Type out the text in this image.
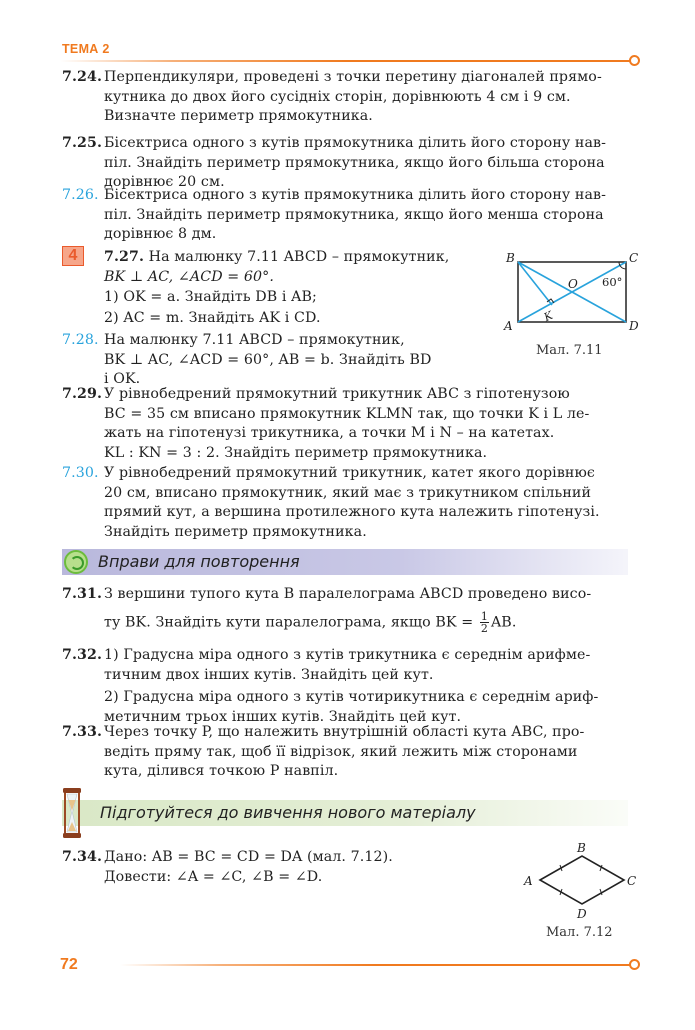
ТЕМА 2
7.24. Перпендикуляри, проведені з точки перетину діагоналей прямо-
кутника до двох його сусідніх сторін, дорівнюють 4 см і 9 см.
Визначте периметр прямокутника.
7.25. Бісектриса одного з кутів прямокутника ділить його сторону нав-
піл. Знайдіть периметр прямокутника, якщо його більша сторона
дорівнює 20 см.
7.26. Бісектриса одного з кутів прямокутника ділить його сторону нав-
піл. Знайдіть периметр прямокутника, якщо його менша сторона
дорівнює 8 дм.
4	7.27. На малюнку 7.11 ABCD – прямокутник,
BK ⊥ AC, ∠ACD = 60°.
1) OK = a. Знайдіть DB і AB;
2) AC = m. Знайдіть AK і CD.
7.28. На малюнку 7.11 ABCD – прямокутник,
BK ⊥ AC, ∠ACD = 60°, AB = b. Знайдіть BD
і OK.
B	C
A	D
O
K
60°
Мал. 7.11
7.29. У рівнобедрений прямокутний трикутник ABC з гіпотенузою
BC = 35 см вписано прямокутник KLMN так, що точки K і L ле-
жать на гіпотенузі трикутника, а точки M і N – на катетах.
KL : KN = 3 : 2. Знайдіть периметр прямокутника.
7.30. У рівнобедрений прямокутний трикутник, катет якого дорівнює
20 см, вписано прямокутник, який має з трикутником спільний
прямий кут, а вершина протилежного кута належить гіпотенузі.
Знайдіть периметр прямокутника.
Вправи для повторення
7.31. З вершини тупого кута B паралелограма ABCD проведено висо-
ту BK. Знайдіть кути паралелограма, якщо BK = $\frac{1}{2}$ AB.
7.32. 1) Градусна міра одного з кутів трикутника є середнім арифме-
тичним двох інших кутів. Знайдіть цей кут.
2) Градусна міра одного з кутів чотирикутника є середнім ариф-
метичним трьох інших кутів. Знайдіть цей кут.
7.33. Через точку P, що належить внутрішній області кута ABC, про-
ведіть пряму так, щоб її відрізок, який лежить між сторонами
кута, ділився точкою P навпіл.
Підготуйтеся до вивчення нового матеріалу
7.34. Дано: AB = BC = CD = DA (мал. 7.12).
Довести: ∠A = ∠C, ∠B = ∠D.
B
A	C
D
Мал. 7.12
72
